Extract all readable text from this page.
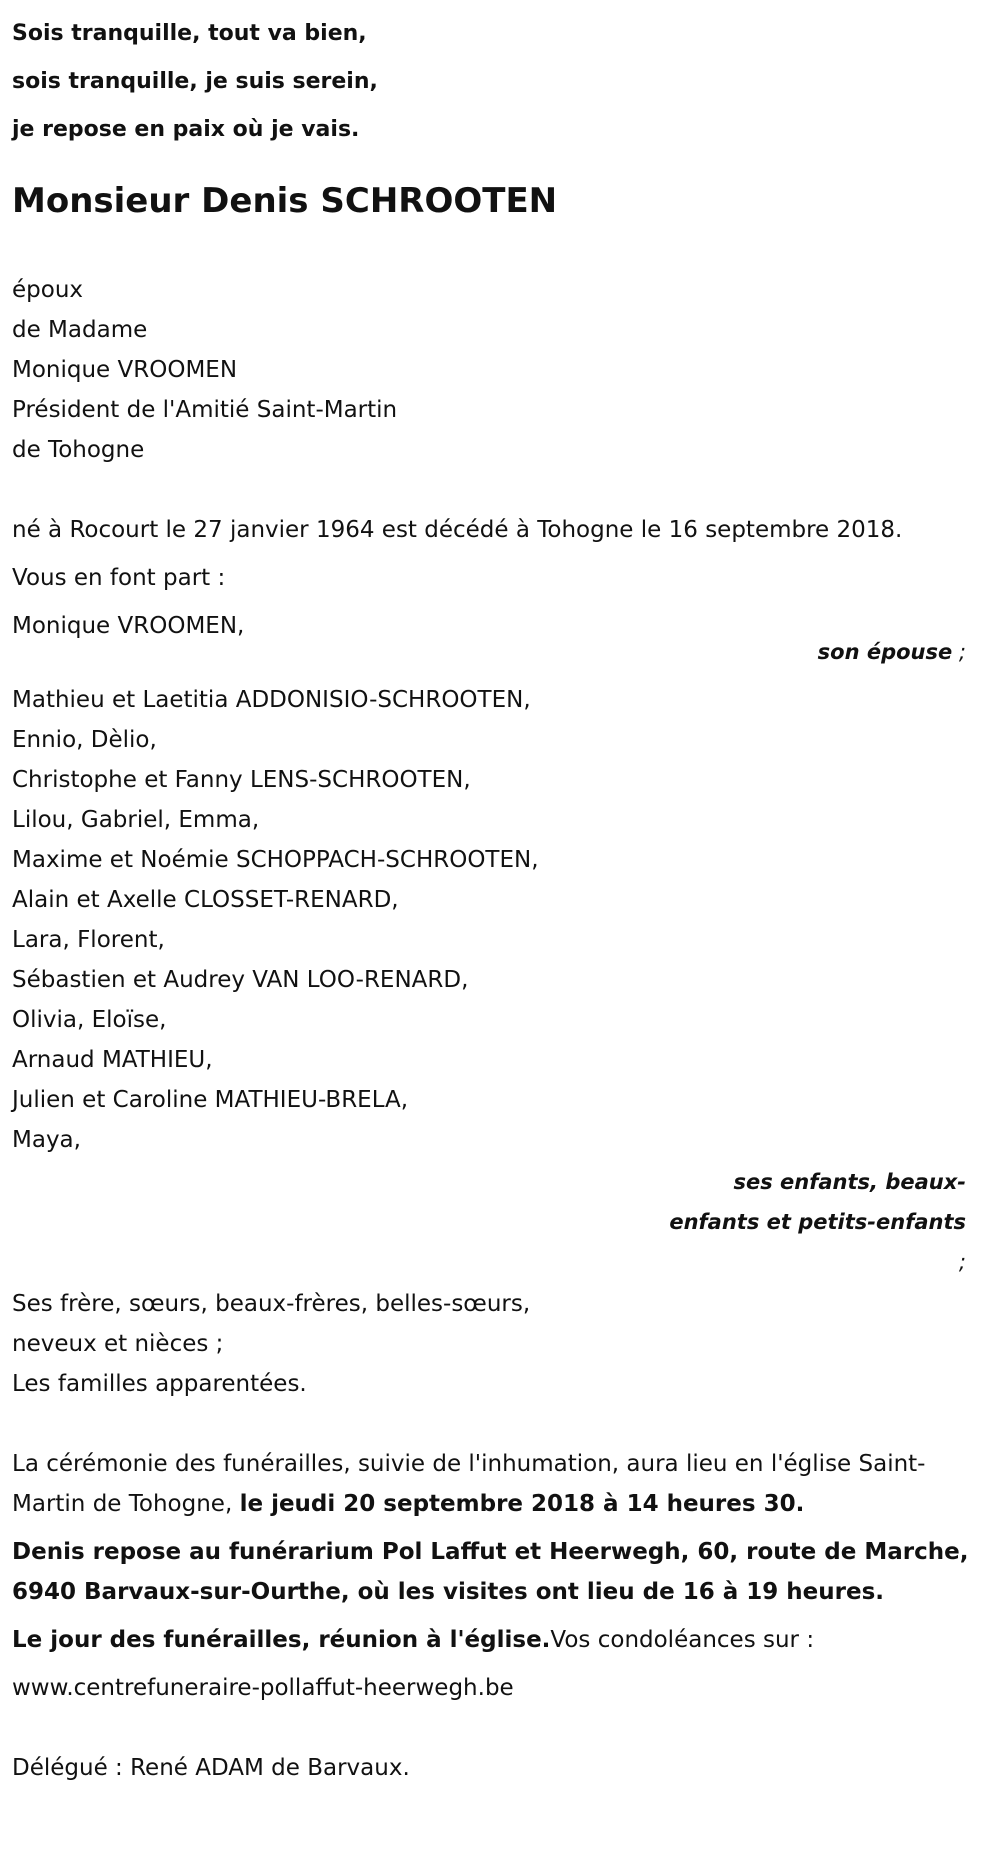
Sois tranquille, tout va bien,

sois tranquille, je suis serein,

je repose en paix où je vais.

Monsieur Denis SCHROOTEN
époux
de Madame
Monique VROOMEN
Président de l'Amitié Saint-Martin
de Tohogne
né à Rocourt le 27 janvier 1964 est décédé à Tohogne le 16 septembre 2018.
Vous en font part :
Monique VROOMEN,
son épouse ;
Mathieu et Laetitia ADDONISIO-SCHROOTEN,
Ennio, Dèlio,
Christophe et Fanny LENS-SCHROOTEN,
Lilou, Gabriel, Emma,
Maxime et Noémie SCHOPPACH-SCHROOTEN,
Alain et Axelle CLOSSET-RENARD,
Lara, Florent,
Sébastien et Audrey VAN LOO-RENARD,
Olivia, Eloïse,
Arnaud MATHIEU,
Julien et Caroline MATHIEU-BRELA,
Maya,
ses enfants, beaux-enfants et petits-enfants ;
Ses frère, sœurs, beaux-frères, belles-sœurs,
neveux et nièces ;
Les familles apparentées.
La cérémonie des funérailles, suivie de l'inhumation, aura lieu en l'église Saint-Martin de Tohogne, le jeudi 20 septembre 2018 à 14 heures 30.
Denis repose au funérarium Pol Laffut et Heerwegh, 60, route de Marche, 6940 Barvaux-sur-Ourthe, où les visites ont lieu de 16 à 19 heures.
Le jour des funérailles, réunion à l'église.Vos condoléances sur :
www.centrefuneraire-pollaffut-heerwegh.be
Délégué : René ADAM de Barvaux.
